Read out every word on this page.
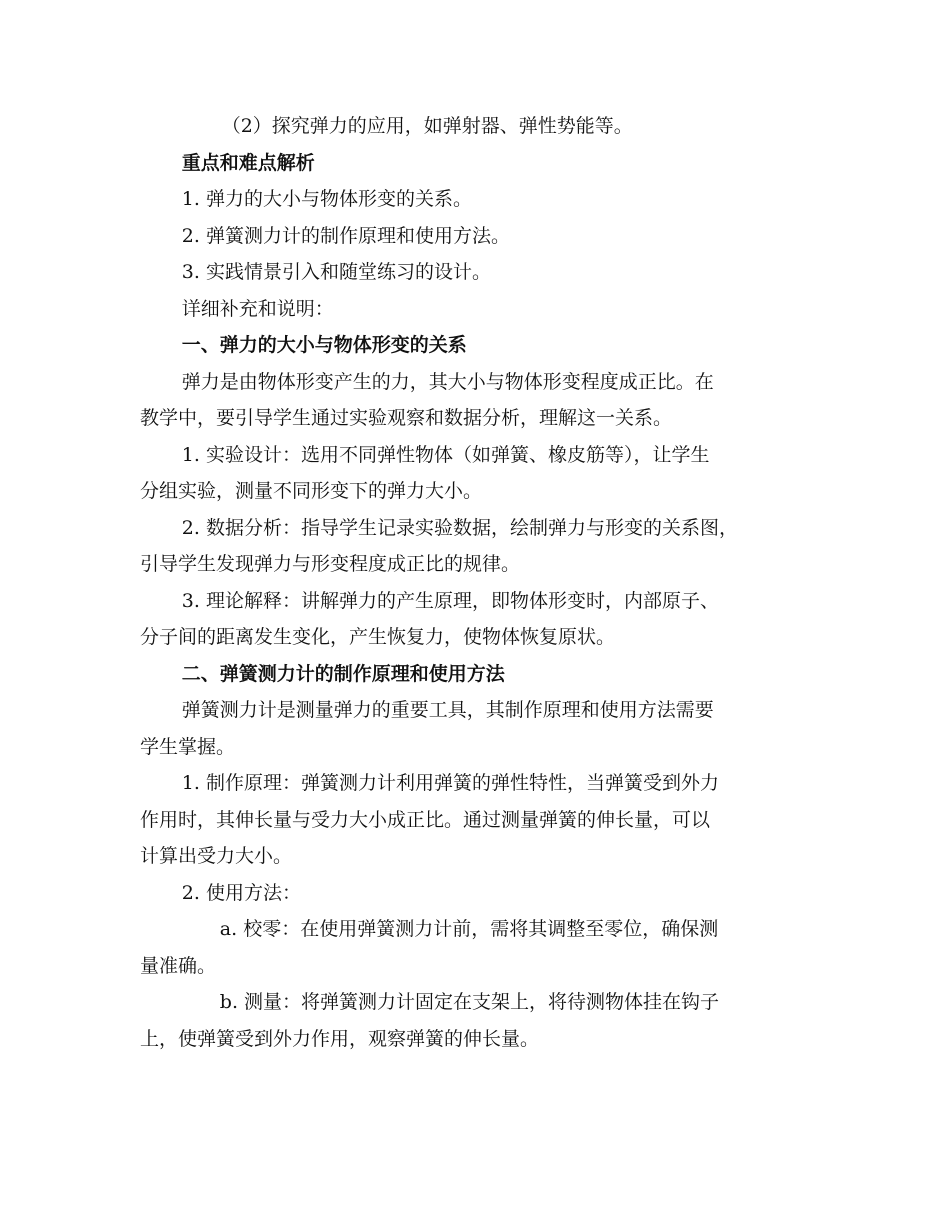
（2）探究弹力的应用，如弹射器、弹性势能等。

重点和难点解析

1. 弹力的大小与物体形变的关系。

2. 弹簧测力计的制作原理和使用方法。

3. 实践情景引入和随堂练习的设计。

详细补充和说明：

一、弹力的大小与物体形变的关系

弹力是由物体形变产生的力，其大小与物体形变程度成正比。在

教学中，要引导学生通过实验观察和数据分析，理解这一关系。

1. 实验设计：选用不同弹性物体（如弹簧、橡皮筋等），让学生

分组实验，测量不同形变下的弹力大小。

2. 数据分析：指导学生记录实验数据，绘制弹力与形变的关系图，

引导学生发现弹力与形变程度成正比的规律。

3. 理论解释：讲解弹力的产生原理，即物体形变时，内部原子、

分子间的距离发生变化，产生恢复力，使物体恢复原状。

二、弹簧测力计的制作原理和使用方法

弹簧测力计是测量弹力的重要工具，其制作原理和使用方法需要

学生掌握。

1. 制作原理：弹簧测力计利用弹簧的弹性特性，当弹簧受到外力

作用时，其伸长量与受力大小成正比。通过测量弹簧的伸长量，可以

计算出受力大小。

2. 使用方法：

a. 校零：在使用弹簧测力计前，需将其调整至零位，确保测

量准确。

b. 测量：将弹簧测力计固定在支架上，将待测物体挂在钩子

上，使弹簧受到外力作用，观察弹簧的伸长量。
